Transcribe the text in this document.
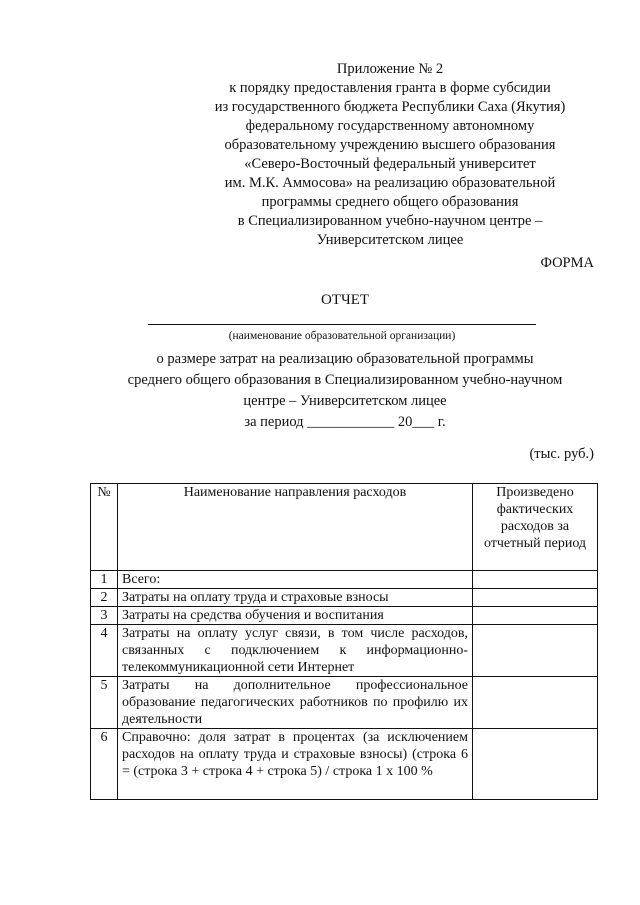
Приложение № 2
к порядку предоставления гранта в форме субсидии
из государственного бюджета Республики Саха (Якутия)
федеральному государственному автономному
образовательному учреждению высшего образования
«Северо-Восточный федеральный университет
им. М.К. Аммосова» на реализацию образовательной
программы среднего общего образования
в Специализированном учебно-научном центре –
Университетском лицее
ФОРМА
ОТЧЕТ
(наименование образовательной организации)
о размере затрат на реализацию образовательной программы
среднего общего образования в Специализированном учебно-научном
центре – Университетском лицее
за период ____________ 20___ г.
(тыс. руб.)
№	Наименование направления расходов	Произведено фактических расходов за отчетный период
1	Всего:	
2	Затраты на оплату труда и страховые взносы	
3	Затраты на средства обучения и воспитания	
4	Затраты на оплату услуг связи, в том числе расходов, связанных с подключением к информационно-телекоммуникационной сети Интернет	
5	Затраты на дополнительное профессиональное образование педагогических работников по профилю их деятельности	
6	Справочно: доля затрат в процентах (за исключением расходов на оплату труда и страховые взносы) (строка 6 = (строка 3 + строка 4 + строка 5) / строка 1 x 100 %	
